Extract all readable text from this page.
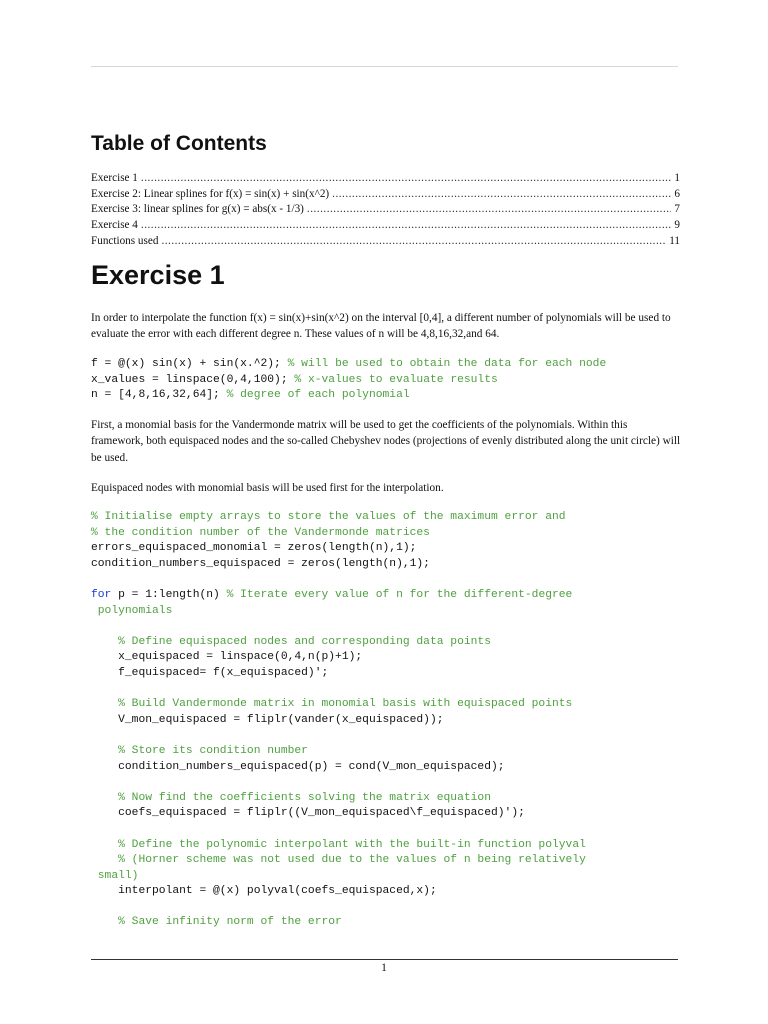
Table of Contents
Exercise 1 .....	1
Exercise 2: Linear splines for f(x) = sin(x) + sin(x^2) .....	6
Exercise 3: linear splines for g(x) = abs(x - 1/3) .....	7
Exercise 4 .....	9
Functions used .....	11
Exercise 1

In order to interpolate the function f(x) = sin(x)+sin(x^2) on the interval [0,4], a different number of polynomials will be used to evaluate the error with each different degree n. These values of n will be 4,8,16,32,and 64.

f = @(x) sin(x) + sin(x.^2); % will be used to obtain the data for each node
x_values = linspace(0,4,100); % x-values to evaluate results
n = [4,8,16,32,64]; % degree of each polynomial

First, a monomial basis for the Vandermonde matrix will be used to get the coefficients of the polynomials. Within this framework, both equispaced nodes and the so-called Chebyshev nodes (projections of evenly distributed along the unit circle) will be used.

Equispaced nodes with monomial basis will be used first for the interpolation.

% Initialise empty arrays to store the values of the maximum error and
% the condition number of the Vandermonde matrices
errors_equispaced_monomial = zeros(length(n),1);
condition_numbers_equispaced = zeros(length(n),1);
for p = 1:length(n) % Iterate every value of n for the different-degree
polynomials
% Define equispaced nodes and corresponding data points
x_equispaced = linspace(0,4,n(p)+1);
f_equispaced= f(x_equispaced)';
% Build Vandermonde matrix in monomial basis with equispaced points
V_mon_equispaced = fliplr(vander(x_equispaced));
% Store its condition number
condition_numbers_equispaced(p) = cond(V_mon_equispaced);
% Now find the coefficients solving the matrix equation
coefs_equispaced = fliplr((V_mon_equispaced\f_equispaced)');
% Define the polynomic interpolant with the built-in function polyval
% (Horner scheme was not used due to the values of n being relatively
small)
interpolant = @(x) polyval(coefs_equispaced,x);
% Save infinity norm of the error
1
